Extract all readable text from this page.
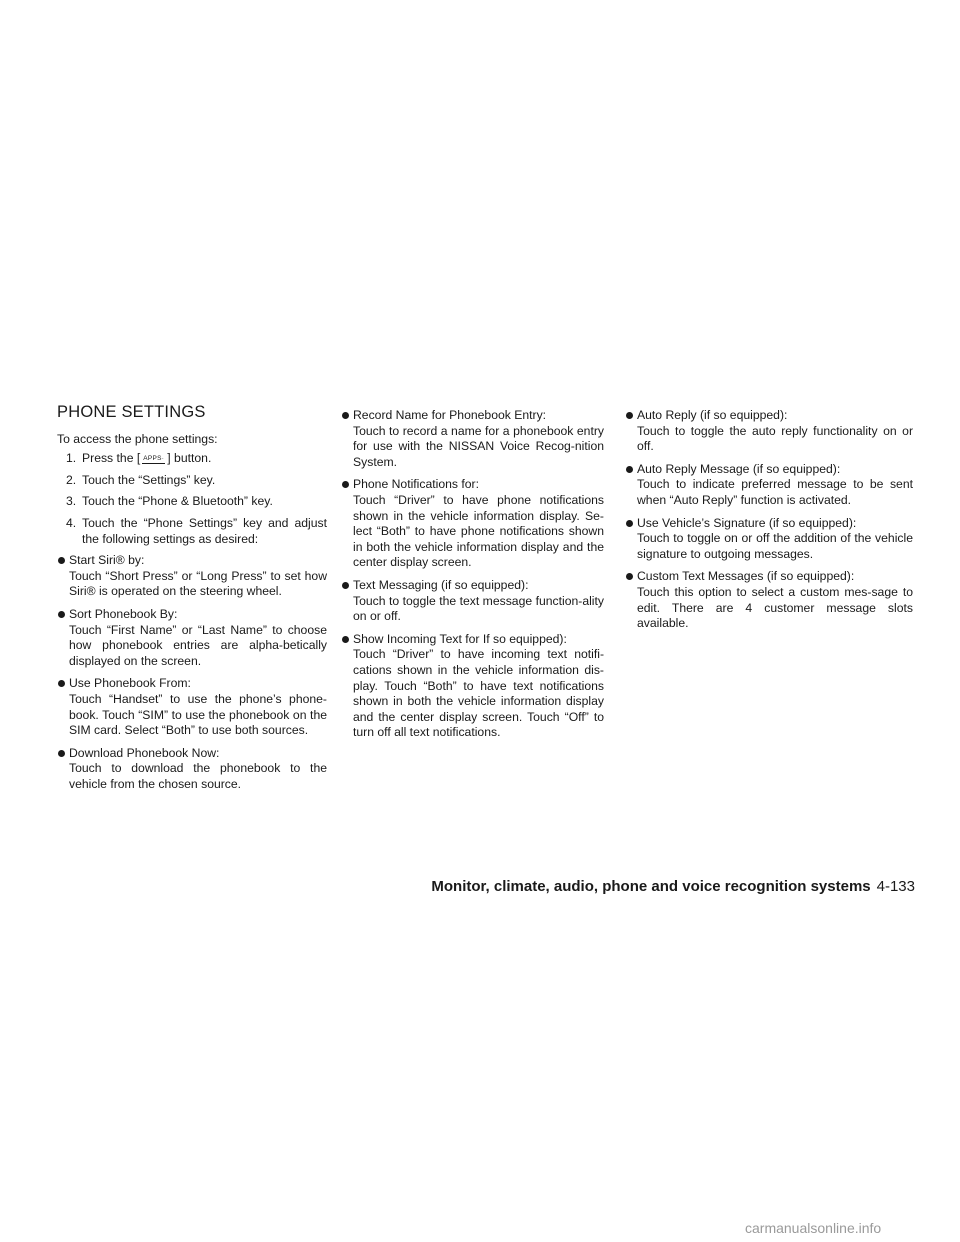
PHONE SETTINGS

To access the phone settings:

1. Press the [ APPS· ] button.
2. Touch the “Settings” key.
3. Touch the “Phone & Bluetooth” key.
4. Touch the “Phone Settings” key and adjust the following settings as desired:
Start Siri® by:
Touch “Short Press” or “Long Press” to set how Siri® is operated on the steering wheel.
Sort Phonebook By:
Touch “First Name” or “Last Name” to choose how phonebook entries are alpha-betically displayed on the screen.
Use Phonebook From:
Touch “Handset” to use the phone’s phone-book. Touch “SIM” to use the phonebook on the SIM card. Select “Both” to use both sources.
Download Phonebook Now:
Touch to download the phonebook to the vehicle from the chosen source.
Record Name for Phonebook Entry:
Touch to record a name for a phonebook entry for use with the NISSAN Voice Recog-nition System.
Phone Notifications for:
Touch “Driver” to have phone notifications shown in the vehicle information display. Se-lect “Both” to have phone notifications shown in both the vehicle information display and the center display screen.
Text Messaging (if so equipped):
Touch to toggle the text message function-ality on or off.
Show Incoming Text for If so equipped):
Touch “Driver” to have incoming text notifi-cations shown in the vehicle information dis-play. Touch “Both” to have text notifications shown in both the vehicle information display and the center display screen. Touch “Off” to turn off all text notifications.
Auto Reply (if so equipped):
Touch to toggle the auto reply functionality on or off.
Auto Reply Message (if so equipped):
Touch to indicate preferred message to be sent when “Auto Reply” function is activated.
Use Vehicle’s Signature (if so equipped):
Touch to toggle on or off the addition of the vehicle signature to outgoing messages.
Custom Text Messages (if so equipped):
Touch this option to select a custom mes-sage to edit. There are 4 customer message slots available.
Monitor, climate, audio, phone and voice recognition systems 4-133
carmanualsonline.info
